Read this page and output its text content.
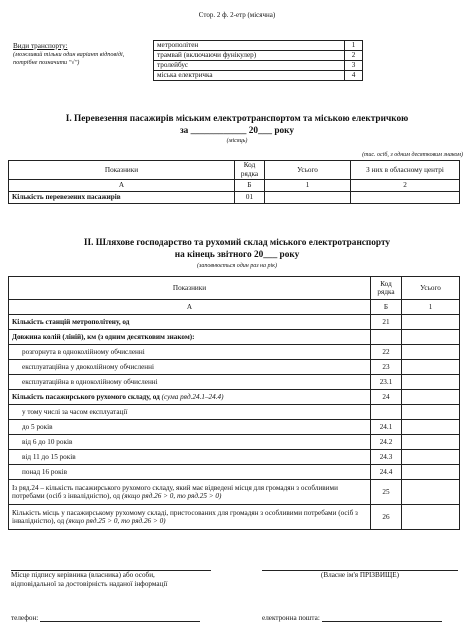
Стор. 2 ф. 2-етр (місячна)
Види транспорту:
(можливий тільки один варіант відповіді, потрібне позначити "√")
метрополітен	1
трамвай (включаючи фунікулер)	2
тролейбус	3
міська електричка	4
I. Перевезення пасажирів міським електротранспортом та міською електричкою
за ____________ 20___ року
(місяць)
(тис. осіб, з одним десятковим знаком)
Показники	Код рядка	Усього	З них в обласному центрі
А	Б	1	2
Кількість перевезених пасажирів	01		
II. Шляхове господарство та рухомий склад міського електротранспорту
на кінець звітного 20___ року
(заповнюється один раз на рік)
Показники	Код рядка	Усього
А	Б	1
Кількість станцій метрополітену, од	21	
Довжина колій (ліній), км (з одним десятковим знаком):		
розгорнута в одноколійному обчисленні	22	
експлуатаційна у двоколійному обчисленні	23	
експлуатаційна в одноколійному обчисленні	23.1	
Кількість пасажирського рухомого складу, од (сума ряд.24.1–24.4)	24	
у тому числі за часом експлуатації		
до 5 років	24.1	
від 6 до 10 років	24.2	
від 11 до 15 років	24.3	
понад 16 років	24.4	
Із ряд.24 – кількість пасажирського рухомого складу, який має відведені місця для громадян з особливими потребами (осіб з інвалідністю), од (якщо ряд.26 > 0, то ряд.25 > 0)	25	
Кількість місць у пасажирському рухомому складі, пристосованих для громадян з особливими потребами (осіб з інвалідністю), од (якщо ряд.25 > 0, то ряд.26 > 0)	26	
Місце підпису керівника (власника) або особи,
відповідальної за достовірність наданої інформації
(Власне ім'я ПРІЗВИЩЕ)
телефон:	електронна пошта:
